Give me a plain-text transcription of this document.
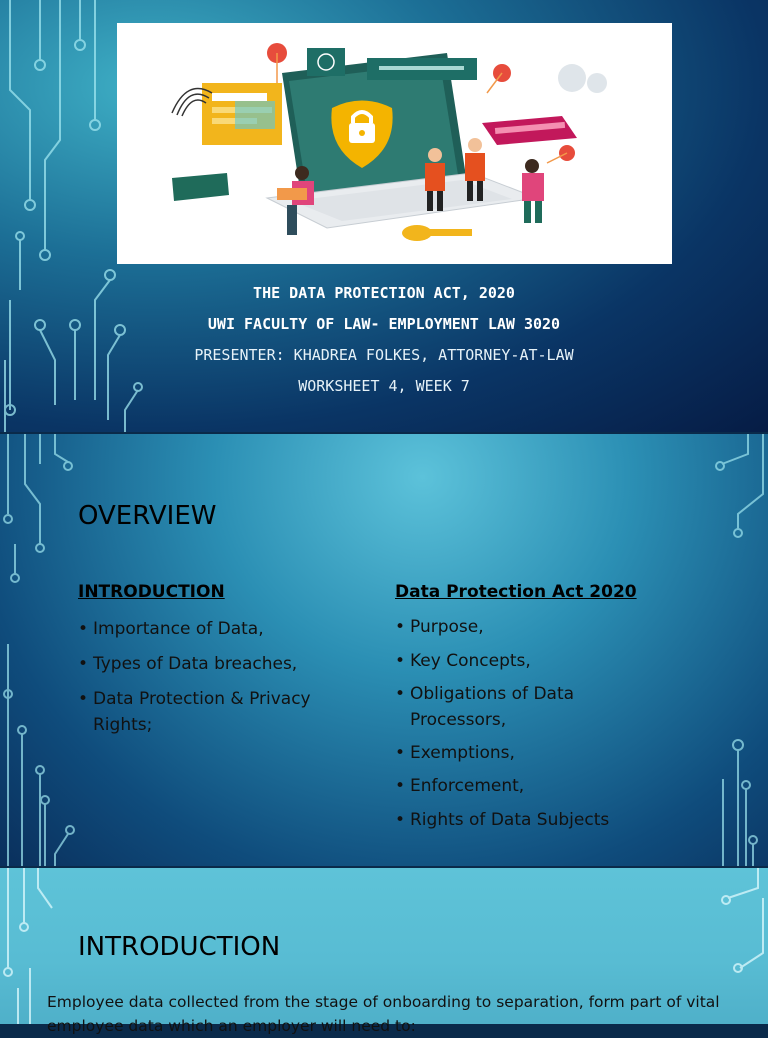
THE DATA PROTECTION ACT, 2020
UWI FACULTY OF LAW- EMPLOYMENT LAW 3020
PRESENTER: KHADREA FOLKES, ATTORNEY-AT-LAW
WORKSHEET 4, WEEK 7
OVERVIEW
INTRODUCTION
• Importance of Data,
• Types of Data breaches,
• Data Protection & Privacy Rights;
Data Protection Act 2020
• Purpose,
• Key Concepts,
• Obligations of Data Processors,
• Exemptions,
• Enforcement,
• Rights of Data Subjects
INTRODUCTION
Employee data collected from the stage of onboarding to separation, form part of vital employee data which an employer will need to:
